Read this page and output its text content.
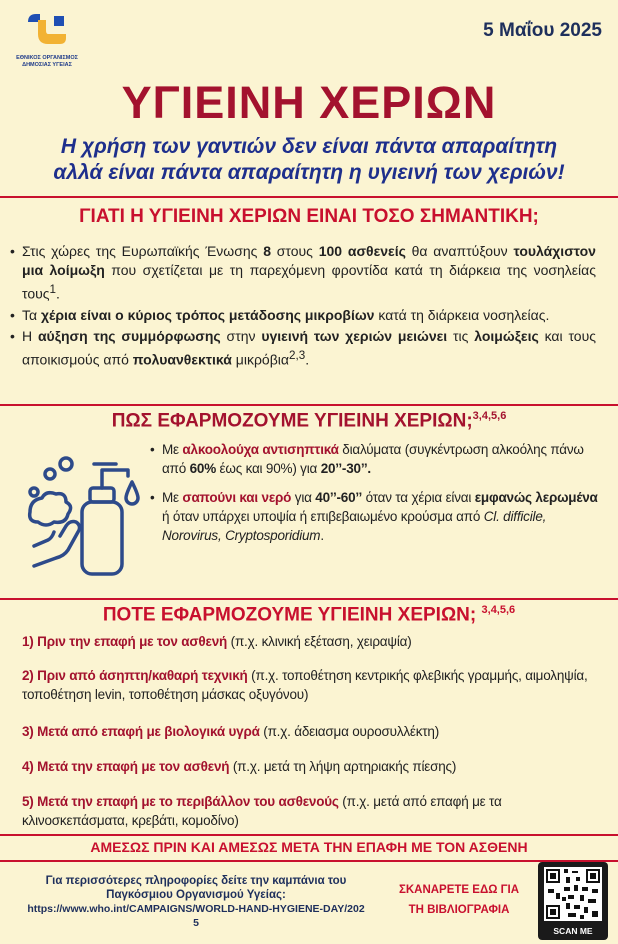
ΕΘΝΙΚΟΣ ΟΡΓΑΝΙΣΜΟΣ
ΔΗΜΟΣΙΑΣ ΥΓΕΙΑΣ
5 Μαΐου 2025
ΥΓΙΕΙΝΗ ΧΕΡΙΩΝ
Η χρήση των γαντιών δεν είναι πάντα απαραίτητη
αλλά είναι πάντα απαραίτητη η υγιεινή των χεριών!
ΓΙΑΤΙ Η ΥΓΙΕΙΝΗ ΧΕΡΙΩΝ ΕΙΝΑΙ ΤΟΣΟ ΣΗΜΑΝΤΙΚΗ;
• Στις χώρες της Ευρωπαϊκής Ένωσης 8 στους 100 ασθενείς θα αναπτύξουν τουλάχιστον μια λοίμωξη που σχετίζεται με τη παρεχόμενη φροντίδα κατά τη διάρκεια της νοσηλείας τους$^1$.
• Τα χέρια είναι ο κύριος τρόπος μετάδοσης μικροβίων κατά τη διάρκεια νοσηλείας.
• Η αύξηση της συμμόρφωσης στην υγιεινή των χεριών μειώνει τις λοιμώξεις και τους αποικισμούς από πολυανθεκτικά μικρόβια$^{2,3}$.
ΠΩΣ ΕΦΑΡΜΟΖΟΥΜΕ ΥΓΙΕΙΝΗ ΧΕΡΙΩΝ;$^{3,4,5,6}$
• Με αλκοολούχα αντισηπτικά διαλύματα (συγκέντρωση αλκοόλης πάνω από 60% έως και 90%) για 20’’-30’’.
• Με σαπούνι και νερό για 40’’-60’’ όταν τα χέρια είναι εμφανώς λερωμένα ή όταν υπάρχει υποψία ή επιβεβαιωμένο κρούσμα από Cl. difficile, Norovirus, Cryptosporidium.
ΠΟΤΕ ΕΦΑΡΜΟΖΟΥΜΕ ΥΓΙΕΙΝΗ ΧΕΡΙΩΝ; $^{3,4,5,6}$
1) Πριν την επαφή με τον ασθενή (π.χ. κλινική εξέταση, χειραψία)
2) Πριν από άσηπτη/καθαρή τεχνική (π.χ. τοποθέτηση κεντρικής φλεβικής γραμμής, αιμοληψία, τοποθέτηση levin, τοποθέτηση μάσκας οξυγόνου)
3) Μετά από επαφή με βιολογικά υγρά (π.χ. άδειασμα ουροσυλλέκτη)
4) Μετά την επαφή με τον ασθενή (π.χ. μετά τη λήψη αρτηριακής πίεσης)
5) Μετά την επαφή με το περιβάλλον του ασθενούς (π.χ. μετά από επαφή με τα κλινοσκεπάσματα, κρεβάτι, κομοδίνο)
ΑΜΕΣΩΣ ΠΡΙΝ ΚΑΙ ΑΜΕΣΩΣ ΜΕΤΑ ΤΗΝ ΕΠΑΦΗ ΜΕ ΤΟΝ ΑΣΘΕΝΗ
Για περισσότερες πληροφορίες δείτε την καμπάνια του
Παγκόσμιου Οργανισμού Υγείας:
https://www.who.int/CAMPAIGNS/WORLD-HAND-HYGIENE-DAY/2025
ΣΚΑΝΑΡΕΤΕ ΕΔΩ ΓΙΑ
ΤΗ ΒΙΒΛΙΟΓΡΑΦΙΑ
SCAN ME
